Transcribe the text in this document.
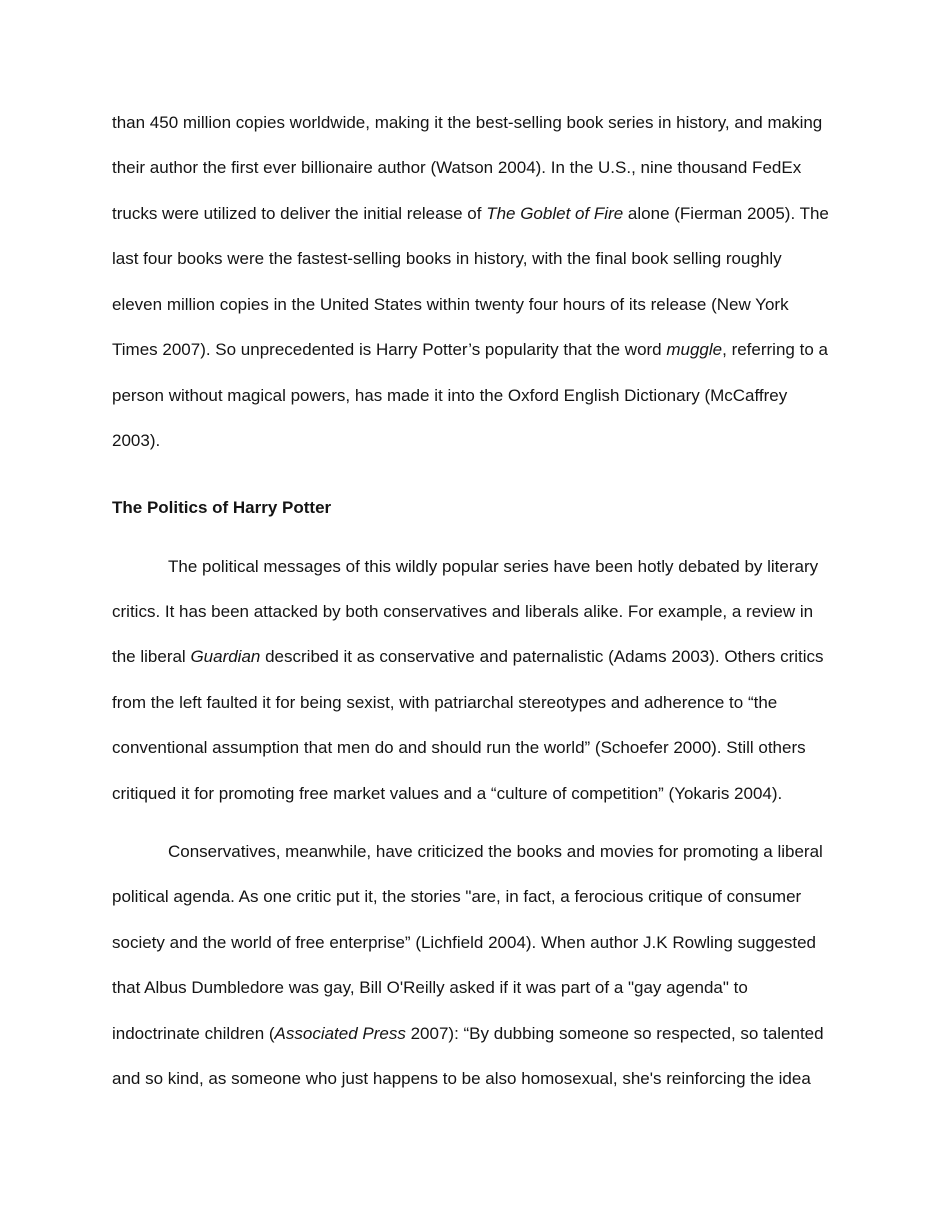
than 450 million copies worldwide, making it the best-selling book series in history, and making
their author the first ever billionaire author (Watson 2004). In the U.S., nine thousand FedEx
trucks were utilized to deliver the initial release of The Goblet of Fire alone (Fierman 2005). The
last four books were the fastest-selling books in history, with the final book selling roughly
eleven million copies in the United States within twenty four hours of its release (New York
Times 2007). So unprecedented is Harry Potter’s popularity that the word muggle, referring to a
person without magical powers, has made it into the Oxford English Dictionary (McCaffrey
2003).
The Politics of Harry Potter
The political messages of this wildly popular series have been hotly debated by literary
critics. It has been attacked by both conservatives and liberals alike. For example, a review in
the liberal Guardian described it as conservative and paternalistic (Adams 2003). Others critics
from the left faulted it for being sexist, with patriarchal stereotypes and adherence to “the
conventional assumption that men do and should run the world” (Schoefer 2000). Still others
critiqued it for promoting free market values and a “culture of competition” (Yokaris 2004).
Conservatives, meanwhile, have criticized the books and movies for promoting a liberal
political agenda. As one critic put it, the stories "are, in fact, a ferocious critique of consumer
society and the world of free enterprise” (Lichfield 2004). When author J.K Rowling suggested
that Albus Dumbledore was gay, Bill O'Reilly asked if it was part of a "gay agenda" to
indoctrinate children (Associated Press 2007): “By dubbing someone so respected, so talented
and so kind, as someone who just happens to be also homosexual, she's reinforcing the idea
